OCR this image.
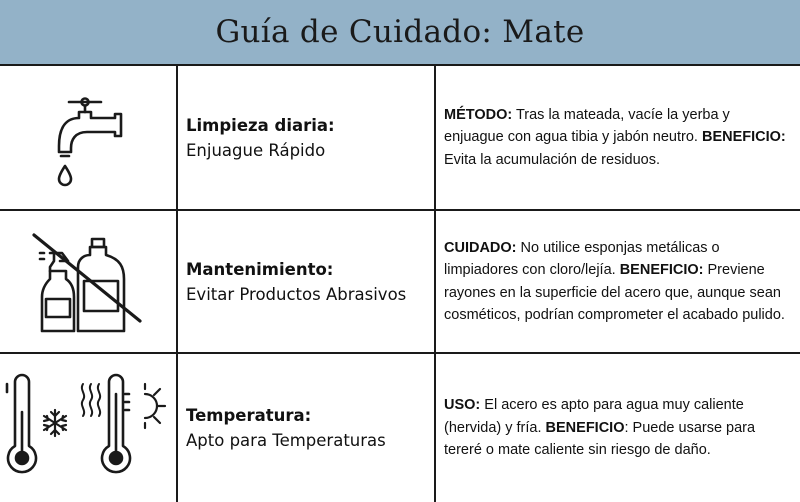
Guía de Cuidado: Mate
Limpieza diaria:
Enjuague Rápido

MÉTODO: Tras la mateada, vacíe la yerba y enjuague con agua tibia y jabón neutro. BENEFICIO: Evita la acumulación de residuos.

Mantenimiento:
Evitar Productos Abrasivos

CUIDADO: No utilice esponjas metálicas o limpiadores con cloro/lejía. BENEFICIO: Previene rayones en la superficie del acero que, aunque sean cosméticos, podrían comprometer el acabado pulido.

Temperatura:
Apto para Temperaturas

USO: El acero es apto para agua muy caliente (hervida) y fría. BENEFICIO: Puede usarse para tereré o mate caliente sin riesgo de daño.
